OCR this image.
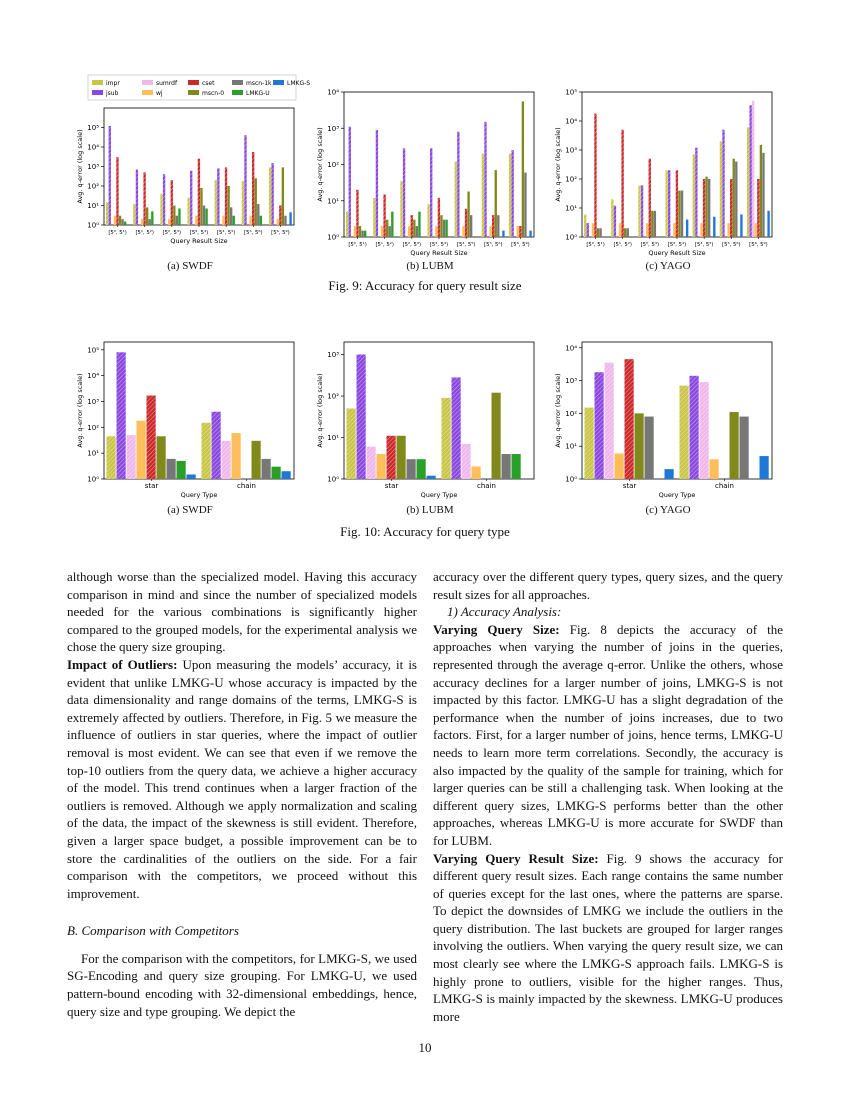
10⁰
10¹
10²
10³
10⁴
10⁵
Avg. q-error (log scale)
[5⁰, 5¹) [5¹, 5²) [5², 5³) [5³, 5⁴) [5⁴, 5⁵) [5⁵, 5⁶) [5⁶, 5⁹)
Query Result Size
impr
jsub
sumrdf
wj
cset
mscn-0
mscn-1k
LMKG-U
LMKG-S
10⁰
10¹
10²
10³
10⁴
Avg. q-error (log scale)
[5⁰, 5¹) [5¹, 5²) [5², 5³) [5³, 5⁴) [5⁴, 5⁵) [5⁵, 5⁶) [5⁶, 5⁹)
Query Result Size
10⁰
10¹
10²
10³
10⁴
10⁵
Avg. q-error (log scale)
[5⁰, 5¹) [5¹, 5²) [5², 5³) [5³, 5⁴) [5⁴, 5⁵) [5⁵, 5⁶) [5⁶, 5⁹)
Query Result Size
(a) SWDF	(b) LUBM	(c) YAGO
Fig. 9: Accuracy for query result size
10⁰
10¹
10²
10³
10⁴
10⁵
Avg. q-error (log scale)
star	chain
Query Type
10⁰
10¹
10²
10³
Avg. q-error (log scale)
star	chain
Query Type
10⁰
10¹
10²
10³
10⁴
Avg. q-error (log scale)
star	chain
Query Type
(a) SWDF	(b) LUBM	(c) YAGO
Fig. 10: Accuracy for query type

although worse than the specialized model. Having this accuracy comparison in mind and since the number of specialized models needed for the various combinations is significantly higher compared to the grouped models, for the experimental analysis we chose the query size grouping.

Impact of Outliers: Upon measuring the models’ accuracy, it is evident that unlike LMKG-U whose accuracy is impacted by the data dimensionality and range domains of the terms, LMKG-S is extremely affected by outliers. Therefore, in Fig. 5 we measure the influence of outliers in star queries, where the impact of outlier removal is most evident. We can see that even if we remove the top-10 outliers from the query data, we achieve a higher accuracy of the model. This trend continues when a larger fraction of the outliers is removed. Although we apply normalization and scaling of the data, the impact of the skewness is still evident. Therefore, given a larger space budget, a possible improvement can be to store the cardinalities of the outliers on the side. For a fair comparison with the competitors, we proceed without this improvement.

B. Comparison with Competitors

For the comparison with the competitors, for LMKG-S, we used SG-Encoding and query size grouping. For LMKG-U, we used pattern-bound encoding with 32-dimensional embeddings, hence, query size and type grouping. We depict the

accuracy over the different query types, query sizes, and the query result sizes for all approaches.

1) Accuracy Analysis:

Varying Query Size: Fig. 8 depicts the accuracy of the approaches when varying the number of joins in the queries, represented through the average q-error. Unlike the others, whose accuracy declines for a larger number of joins, LMKG-S is not impacted by this factor. LMKG-U has a slight degradation of the performance when the number of joins increases, due to two factors. First, for a larger number of joins, hence terms, LMKG-U needs to learn more term correlations. Secondly, the accuracy is also impacted by the quality of the sample for training, which for larger queries can be still a challenging task. When looking at the different query sizes, LMKG-S performs better than the other approaches, whereas LMKG-U is more accurate for SWDF than for LUBM.

Varying Query Result Size: Fig. 9 shows the accuracy for different query result sizes. Each range contains the same number of queries except for the last ones, where the patterns are sparse. To depict the downsides of LMKG we include the outliers in the query distribution. The last buckets are grouped for larger ranges involving the outliers. When varying the query result size, we can most clearly see where the LMKG-S approach fails. LMKG-S is highly prone to outliers, visible for the higher ranges. Thus, LMKG-S is mainly impacted by the skewness. LMKG-U produces more

10
